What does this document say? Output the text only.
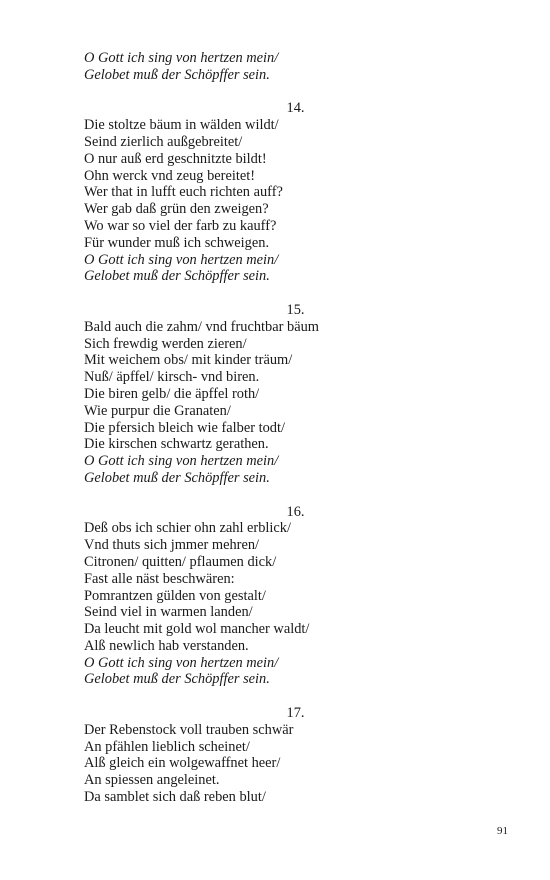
O Gott ich sing von hertzen mein/
Gelobet muß der Schöpffer sein.
14.
Die stoltze bäum in wälden wildt/
Seind zierlich außgebreitet/
O nur auß erd geschnitzte bildt!
Ohn werck vnd zeug bereitet!
Wer that in lufft euch richten auff?
Wer gab daß grün den zweigen?
Wo war so viel der farb zu kauff?
Für wunder muß ich schweigen.
O Gott ich sing von hertzen mein/
Gelobet muß der Schöpffer sein.
15.
Bald auch die zahm/ vnd fruchtbar bäum
Sich frewdig werden zieren/
Mit weichem obs/ mit kinder träum/
Nuß/ äpffel/ kirsch- vnd biren.
Die biren gelb/ die äpffel roth/
Wie purpur die Granaten/
Die pfersich bleich wie falber todt/
Die kirschen schwartz gerathen.
O Gott ich sing von hertzen mein/
Gelobet muß der Schöpffer sein.
16.
Deß obs ich schier ohn zahl erblick/
Vnd thuts sich jmmer mehren/
Citronen/ quitten/ pflaumen dick/
Fast alle näst beschwären:
Pomrantzen gülden von gestalt/
Seind viel in warmen landen/
Da leucht mit gold wol mancher waldt/
Alß newlich hab verstanden.
O Gott ich sing von hertzen mein/
Gelobet muß der Schöpffer sein.
17.
Der Rebenstock voll trauben schwär
An pfählen lieblich scheinet/
Alß gleich ein wolgewaffnet heer/
An spiessen angeleinet.
Da samblet sich daß reben blut/
91
